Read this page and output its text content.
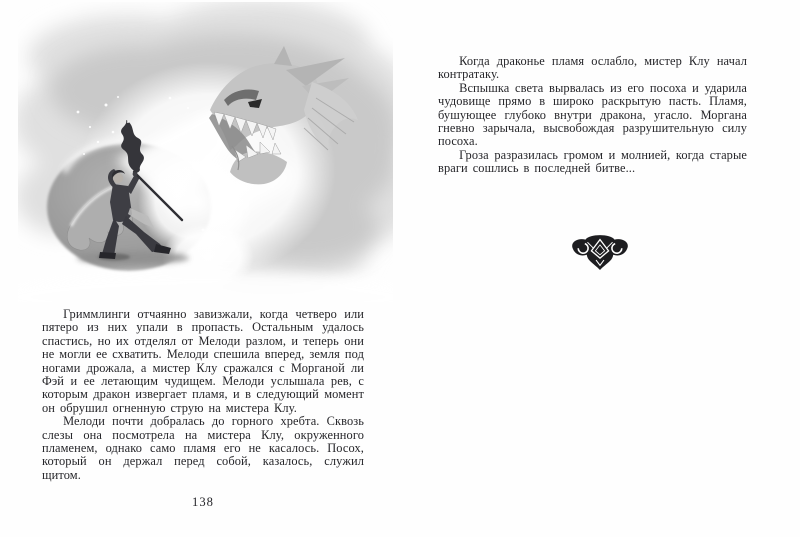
Гриммлинги отчаянно завизжали, когда четверо или пятеро из них упали в пропасть. Остальным удалось спастись, но их отделял от Мелоди разлом, и теперь они не могли ее схватить. Мелоди спешила вперед, земля под ногами дрожала, а мистер Клу сражался с Морганой ли Фэй и ее летающим чудищем. Мелоди услышала рев, с которым дракон извергает пламя, и в следующий момент он обрушил огненную струю на мистера Клу.

Мелоди почти добралась до горного хребта. Сквозь слезы она посмотрела на мистера Клу, окруженного пламенем, однако само пламя его не касалось. Посох, который он держал перед собой, казалось, служил щитом.

138

Когда драконье пламя ослабло, мистер Клу начал контратаку.

Вспышка света вырвалась из его посоха и ударила чудовище прямо в широко раскрытую пасть. Пламя, бушующее глубоко внутри дракона, угасло. Моргана гневно зарычала, высвобождая разрушительную силу посоха.

Гроза разразилась громом и молнией, когда старые враги сошлись в последней битве...
